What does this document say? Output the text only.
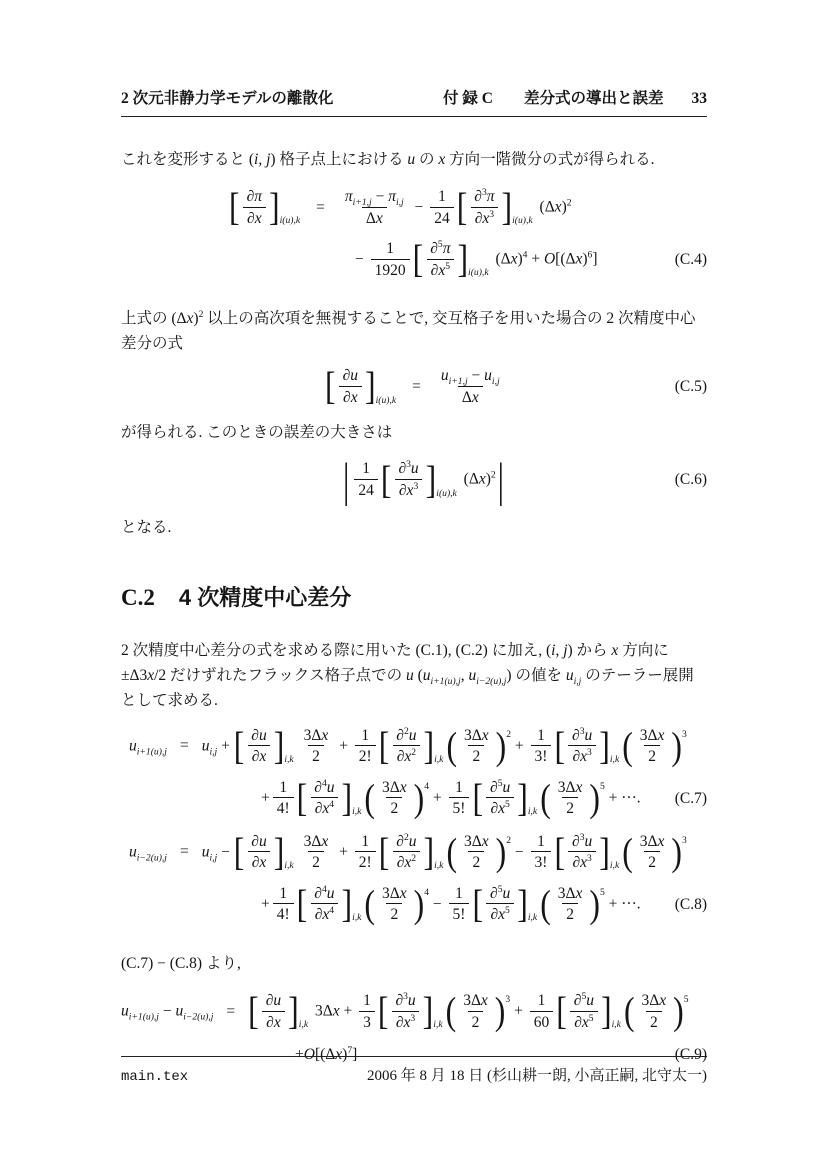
2 次元非静力学モデルの離散化	付 録 C　　差分式の導出と誤差 33

これを変形すると (i, j) 格子点上における u の x 方向一階微分の式が得られる.

[ $\frac{\partial\pi}{\partial x} ]_{i(u),k}= \frac{\pi_{i+1,j} - \pi_{i,j}}{\Delta x} - \frac{1}{24}$ [ $\frac{\partial^3\pi}{\partial x^3} ]_{i(u),k}$ $(\Delta x)^2$
− $\frac{1}{1920}$ [ $\frac{\partial^5\pi}{\partial x^5} ]_{i(u),k}$ $(\Delta x)^4 + O[(\Delta x)^6]$	(C.4)

上式の $(\Delta x)^2$ 以上の高次項を無視することで, 交互格子を用いた場合の 2 次精度中心差分の式

[ $\frac{\partial u}{\partial x} ]_{i(u),k}= \frac{u_{i+1,j} - u_{i,j}}{\Delta x}$	(C.5)

が得られる. このときの誤差の大きさは

| $\frac{1}{24}$ [ $\frac{\partial^3u}{\partial x^3} ]_{i(u),k}$ $(\Delta x)^2|$	(C.6)

となる.

C.2 4 次精度中心差分

2 次精度中心差分の式を求める際に用いた (C.1), (C.2) に加え, (i, j) から x 方向に ±Δ3x/2 だけずれたフラックス格子点での u ($u_{i+1(u),j}$, $u_{i-2(u),j}$) の値を $u_{i,j}$ のテーラー展開として求める.

$u_{i+1(u),j} = u_{i,j}$ + [ $\frac{\partial u}{\partial x} ]_{i,k} \frac{3\Delta x}{2} + \frac{1}{2!}$ [ $\frac{\partial^2u}{\partial x^2} ]_{i,k}( \frac{3\Delta x}{2} )^2 + \frac{1}{3!}$ [ $\frac{\partial^3u}{\partial x^3} ]_{i,k}( \frac{3\Delta x}{2} )^3$
+ $\frac{1}{4!}$ [ $\frac{\partial^4u}{\partial x^4} ]_{i,k}( \frac{3\Delta x}{2} )^4 + \frac{1}{5!}$ [ $\frac{\partial^5u}{\partial x^5} ]_{i,k}( \frac{3\Delta x}{2} )^5$ + ···.	(C.7)
$u_{i-2(u),j} = u_{i,j}$ − [ $\frac{\partial u}{\partial x} ]_{i,k} \frac{3\Delta x}{2} + \frac{1}{2!}$ [ $\frac{\partial^2u}{\partial x^2} ]_{i,k}( \frac{3\Delta x}{2} )^2 - \frac{1}{3!}$ [ $\frac{\partial^3u}{\partial x^3} ]_{i,k}( \frac{3\Delta x}{2} )^3$
+ $\frac{1}{4!}$ [ $\frac{\partial^4u}{\partial x^4} ]_{i,k}( \frac{3\Delta x}{2} )^4 - \frac{1}{5!}$ [ $\frac{\partial^5u}{\partial x^5} ]_{i,k}( \frac{3\Delta x}{2} )^5$ + ···.	(C.8)

(C.7) − (C.8) より,

$u_{i+1(u),j} - u_{i-2(u),j}$ = [ $\frac{\partial u}{\partial x} ]_{i,k}$ $3\Delta x + \frac{1}{3}$ [ $\frac{\partial^3u}{\partial x^3} ]_{i,k}( \frac{3\Delta x}{2} )^3 + \frac{1}{60}$ [ $\frac{\partial^5u}{\partial x^5} ]_{i,k}( \frac{3\Delta x}{2} )^5$
$+O[(\Delta x)^7]$	(C.9)
main.tex	2006 年 8 月 18 日 (杉山耕一朗, 小高正嗣, 北守太一)
